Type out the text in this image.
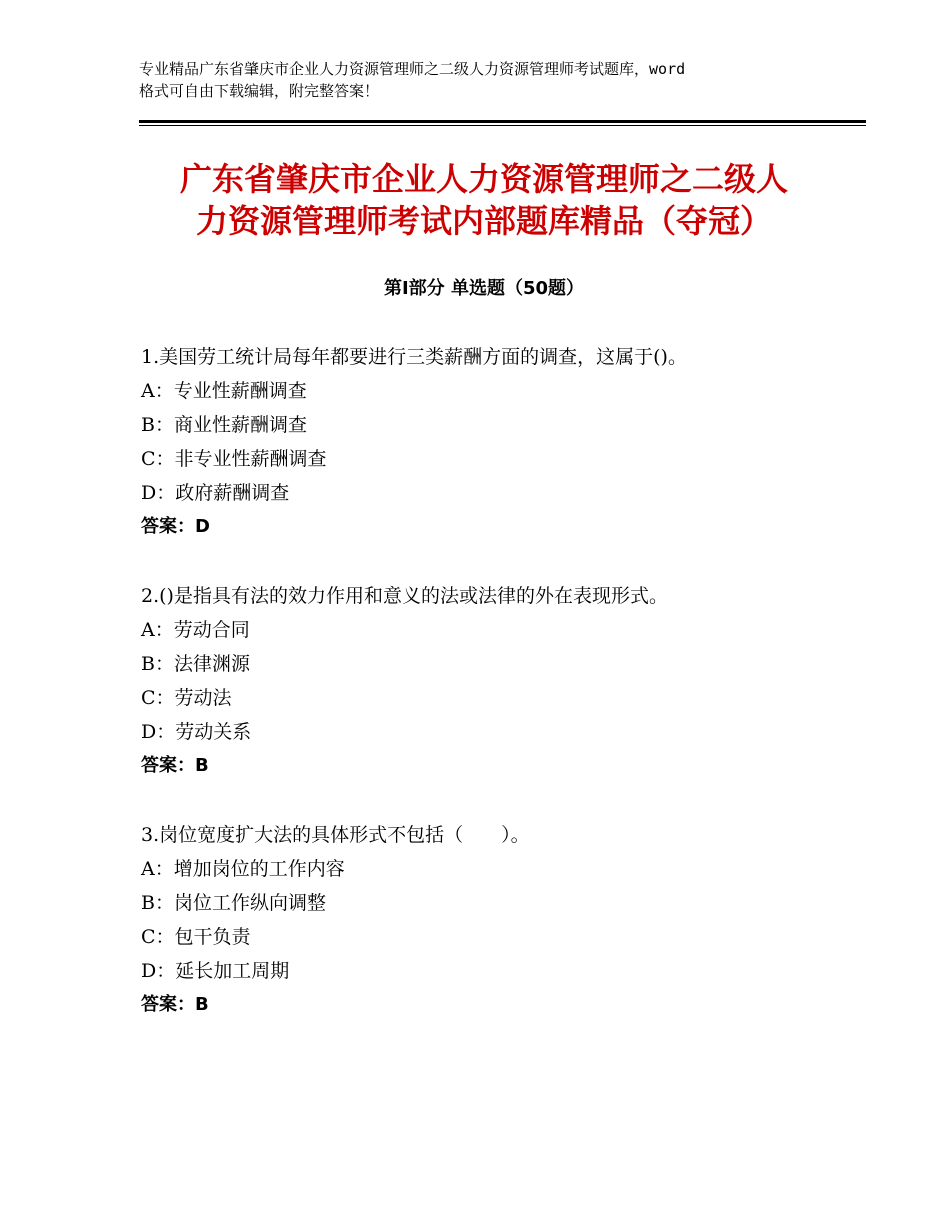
专业精品广东省肇庆市企业人力资源管理师之二级人力资源管理师考试题库，word
格式可自由下载编辑，附完整答案！
广东省肇庆市企业人力资源管理师之二级人
力资源管理师考试内部题库精品（夺冠）
第Ⅰ部分 单选题（50题）
1.美国劳工统计局每年都要进行三类薪酬方面的调查，这属于()。
A：专业性薪酬调查
B：商业性薪酬调查
C：非专业性薪酬调查
D：政府薪酬调查
答案：D
2.()是指具有法的效力作用和意义的法或法律的外在表现形式。
A：劳动合同
B：法律渊源
C：劳动法
D：劳动关系
答案：B
3.岗位宽度扩大法的具体形式不包括（　　）。
A：增加岗位的工作内容
B：岗位工作纵向调整
C：包干负责
D：延长加工周期
答案：B
